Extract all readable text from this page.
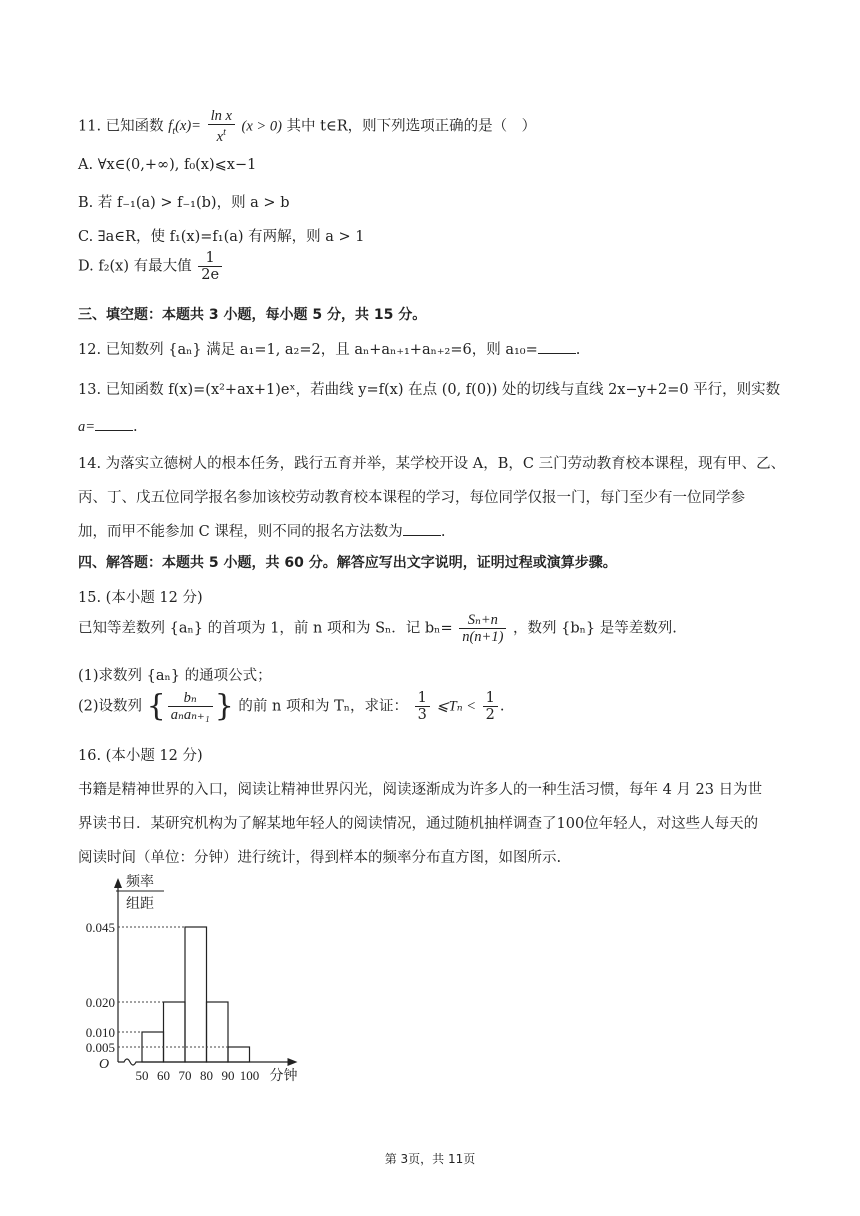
11. 已知函数 $f_t(x)= \frac{\text{ln x}}{x^t} (x > 0)$ 其中 t∈R，则下列选项正确的是（　）
A. ∀x∈(0,+∞), f₀(x)⩽x−1
B. 若 f₋₁(a) > f₋₁(b)，则 a > b
C. ∃a∈R，使 f₁(x)=f₁(a) 有两解，则 a > 1
D. f₂(x) 有最大值 $\frac{1}{2e}$
三、填空题：本题共 3 小题，每小题 5 分，共 15 分。
12. 已知数列 {aₙ} 满足 a₁=1, a₂=2，且 aₙ+aₙ₊₁+aₙ₊₂=6，则 a₁₀=	.
13. 已知函数 f(x)=(x²+ax+1)eˣ，若曲线 y=f(x) 在点 (0, f(0)) 处的切线与直线 2x−y+2=0 平行，则实数
a=	.
14. 为落实立德树人的根本任务，践行五育并举，某学校开设 A，B，C 三门劳动教育校本课程，现有甲、乙、
丙、丁、戊五位同学报名参加该校劳动教育校本课程的学习，每位同学仅报一门，每门至少有一位同学参
加，而甲不能参加 C 课程，则不同的报名方法数为	.
四、解答题：本题共 5 小题，共 60 分。解答应写出文字说明，证明过程或演算步骤。
15. (本小题 12 分)
已知等差数列 {aₙ} 的首项为 1，前 n 项和为 Sₙ．记 $b_n= \frac{\text{Sₙ+n}}{n(n+1)}$ ，数列 {bₙ} 是等差数列.
(1)求数列 {aₙ} 的通项公式；
(2)设数列 { $\frac{\text{bₙ}}{\text{aₙaₙ₊₁}}$ } 的前 n 项和为 Tₙ，求证： $\frac{1}{3}$ ⩽Tₙ < $\frac{1}{2}$ .
16. (本小题 12 分)
书籍是精神世界的入口，阅读让精神世界闪光，阅读逐渐成为许多人的一种生活习惯，每年 4 月 23 日为世
界读书日．某研究机构为了解某地年轻人的阅读情况，通过随机抽样调查了100位年轻人，对这些人每天的
阅读时间（单位：分钟）进行统计，得到样本的频率分布直方图，如图所示.
0.045
0.020
0.010
0.005
50 60 70 80 90 100
O
频率
组距
分钟
第 3页，共 11页
